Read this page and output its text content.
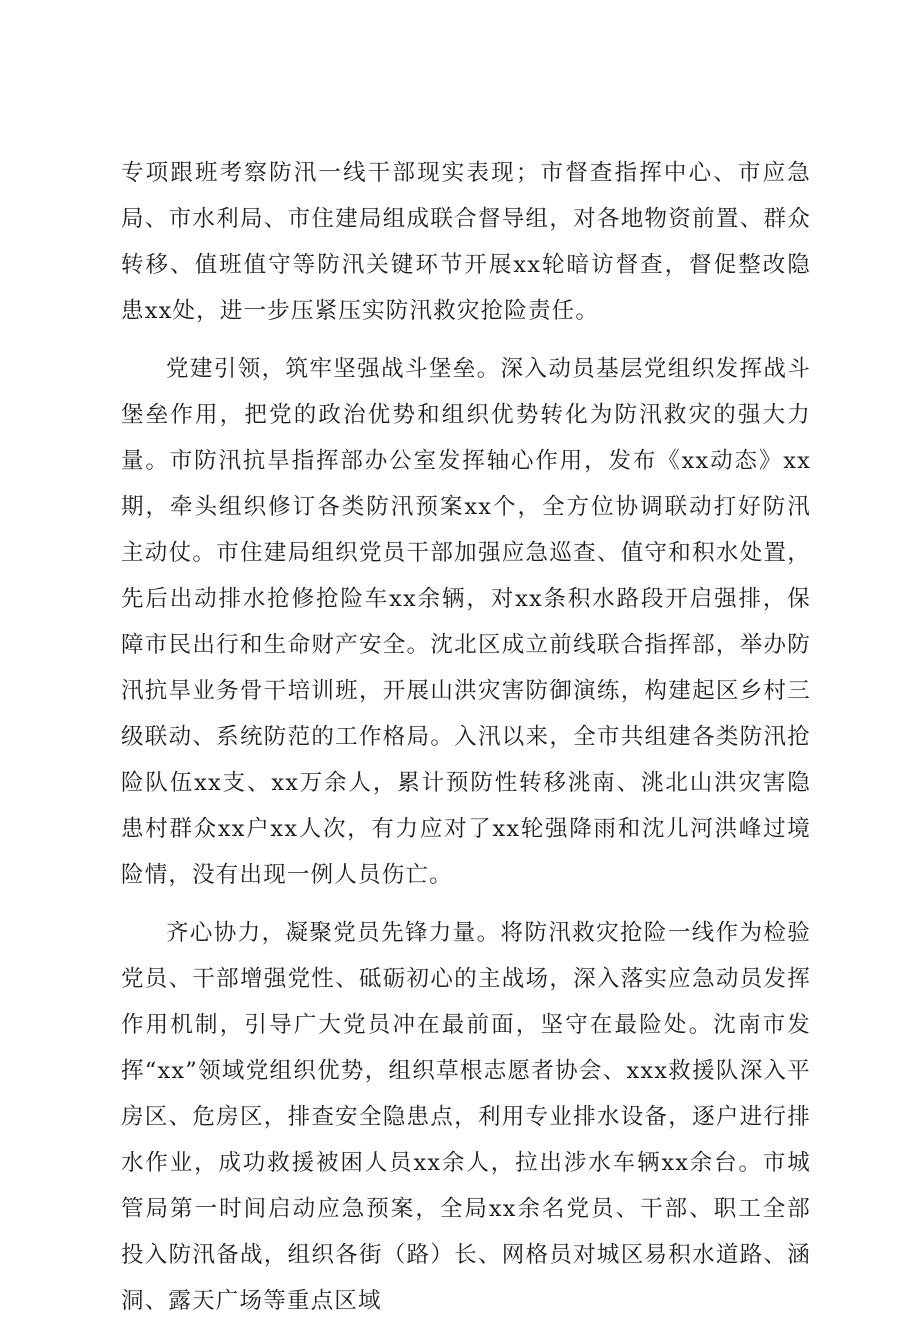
专项跟班考察防汛一线干部现实表现；市督查指挥中心、市应急局、市水利局、市住建局组成联合督导组，对各地物资前置、群众转移、值班值守等防汛关键环节开展xx轮暗访督查，督促整改隐患xx处，进一步压紧压实防汛救灾抢险责任。

党建引领，筑牢坚强战斗堡垒。深入动员基层党组织发挥战斗堡垒作用，把党的政治优势和组织优势转化为防汛救灾的强大力量。市防汛抗旱指挥部办公室发挥轴心作用，发布《xx动态》xx期，牵头组织修订各类防汛预案xx个，全方位协调联动打好防汛主动仗。市住建局组织党员干部加强应急巡查、值守和积水处置，先后出动排水抢修抢险车xx余辆，对xx条积水路段开启强排，保障市民出行和生命财产安全。沈北区成立前线联合指挥部，举办防汛抗旱业务骨干培训班，开展山洪灾害防御演练，构建起区乡村三级联动、系统防范的工作格局。入汛以来，全市共组建各类防汛抢险队伍xx支、xx万余人，累计预防性转移洮南、洮北山洪灾害隐患村群众xx户xx人次，有力应对了xx轮强降雨和沈儿河洪峰过境险情，没有出现一例人员伤亡。

齐心协力，凝聚党员先锋力量。将防汛救灾抢险一线作为检验党员、干部增强党性、砥砺初心的主战场，深入落实应急动员发挥作用机制，引导广大党员冲在最前面，坚守在最险处。沈南市发挥“xx”领域党组织优势，组织草根志愿者协会、xxx救援队深入平房区、危房区，排查安全隐患点，利用专业排水设备，逐户进行排水作业，成功救援被困人员xx余人，拉出涉水车辆xx余台。市城管局第一时间启动应急预案，全局xx余名党员、干部、职工全部投入防汛备战，组织各街（路）长、网格员对城区易积水道路、涵洞、露天广场等重点区域
